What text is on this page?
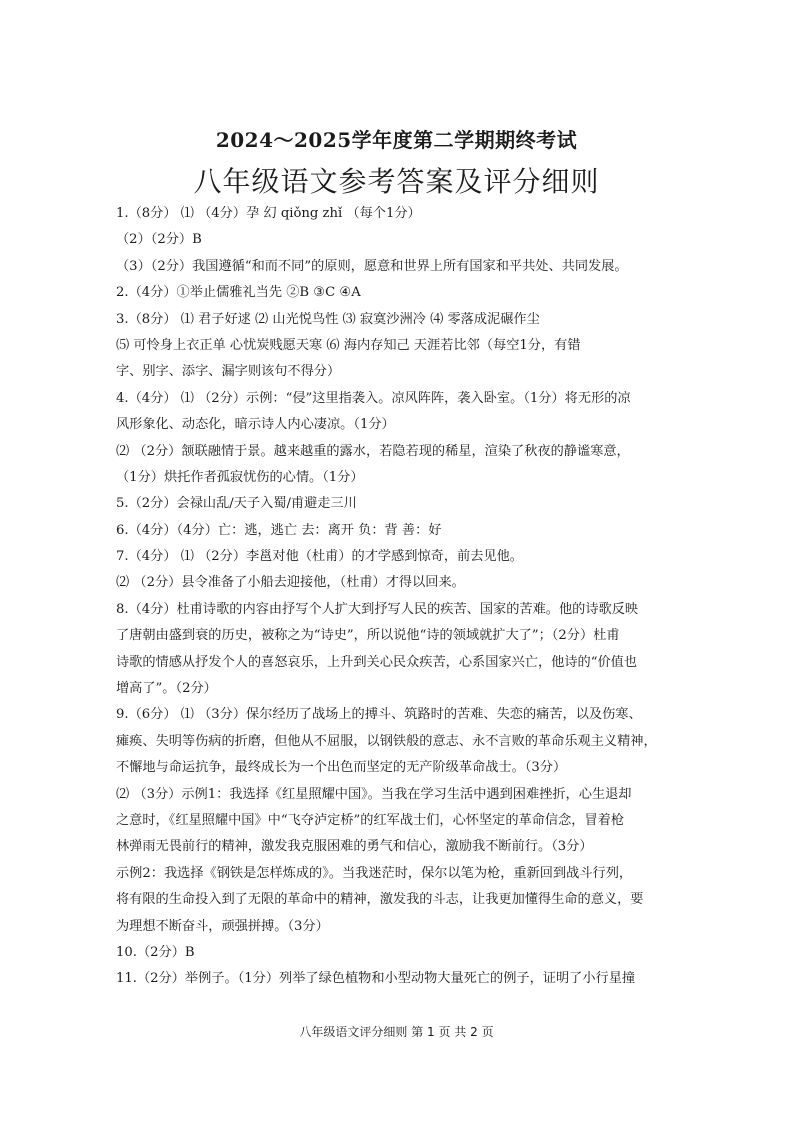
2024～2025学年度第二学期期终考试
八年级语文参考答案及评分细则
1.（8分） ⑴ （4分）孕 幻 qiǒng zhǐ （每个1分）
（2）（2分）B
（3）（2分）我国遵循“和而不同”的原则，愿意和世界上所有国家和平共处、共同发展。
2.（4分）①举止儒雅礼当先 ②B ③C ④A
3.（8分） ⑴ 君子好逑 ⑵ 山光悦鸟性 ⑶ 寂寞沙洲冷 ⑷ 零落成泥碾作尘
⑸ 可怜身上衣正单 心忧炭贱愿天寒 ⑹ 海内存知己 天涯若比邻（每空1分，有错
字、别字、添字、漏字则该句不得分）
4.（4分） ⑴ （2分）示例：“侵”这里指袭入。凉风阵阵，袭入卧室。（1分）将无形的凉
风形象化、动态化，暗示诗人内心凄凉。（1分）
⑵ （2分）颔联融情于景。越来越重的露水，若隐若现的稀星，渲染了秋夜的静谧寒意，
（1分）烘托作者孤寂忧伤的心情。（1分）
5.（2分）会禄山乱/天子入蜀/甫避走三川
6.（4分）（4分）亡：逃，逃亡 去：离开 负：背 善：好
7.（4分） ⑴ （2分）李邕对他（杜甫）的才学感到惊奇，前去见他。
⑵ （2分）县令准备了小船去迎接他，（杜甫）才得以回来。
8.（4分）杜甫诗歌的内容由抒写个人扩大到抒写人民的疾苦、国家的苦难。他的诗歌反映
了唐朝由盛到衰的历史，被称之为“诗史”，所以说他“诗的领域就扩大了”；（2分）杜甫
诗歌的情感从抒发个人的喜怒哀乐，上升到关心民众疾苦，心系国家兴亡，他诗的“价值也
增高了”。（2分）
9.（6分） ⑴ （3分）保尔经历了战场上的搏斗、筑路时的苦难、失恋的痛苦，以及伤寒、
瘫痪、失明等伤病的折磨，但他从不屈服，以钢铁般的意志、永不言败的革命乐观主义精神，
不懈地与命运抗争，最终成长为一个出色而坚定的无产阶级革命战士。（3分）
⑵ （3分）示例1：我选择《红星照耀中国》。当我在学习生活中遇到困难挫折，心生退却
之意时，《红星照耀中国》中“飞夺泸定桥”的红军战士们，心怀坚定的革命信念，冒着枪
林弹雨无畏前行的精神，激发我克服困难的勇气和信心，激励我不断前行。（3分）
示例2：我选择《钢铁是怎样炼成的》。当我迷茫时，保尔以笔为枪，重新回到战斗行列，
将有限的生命投入到了无限的革命中的精神，激发我的斗志，让我更加懂得生命的意义，要
为理想不断奋斗，顽强拼搏。（3分）
10.（2分）B
11.（2分）举例子。（1分）列举了绿色植物和小型动物大量死亡的例子，证明了小行星撞
八年级语文评分细则 第 1 页 共 2 页
